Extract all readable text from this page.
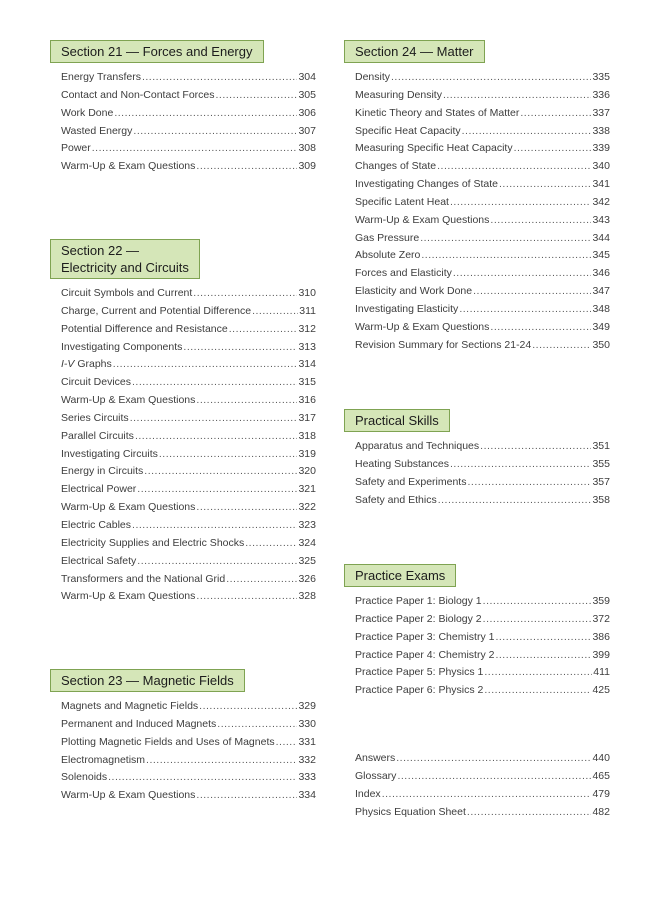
Section 21 — Forces and Energy
Energy Transfers .....	304
Contact and Non-Contact Forces .....	305
Work Done .....	306
Wasted Energy .....	307
Power .....	308
Warm-Up & Exam Questions .....	309
Section 22 —
Electricity and Circuits
Circuit Symbols and Current .....	310
Charge, Current and Potential Difference .....	311
Potential Difference and Resistance .....	312
Investigating Components .....	313
I-V Graphs .....	314
Circuit Devices .....	315
Warm-Up & Exam Questions .....	316
Series Circuits .....	317
Parallel Circuits .....	318
Investigating Circuits .....	319
Energy in Circuits .....	320
Electrical Power .....	321
Warm-Up & Exam Questions .....	322
Electric Cables .....	323
Electricity Supplies and Electric Shocks .....	324
Electrical Safety .....	325
Transformers and the National Grid .....	326
Warm-Up & Exam Questions .....	328
Section 23 — Magnetic Fields
Magnets and Magnetic Fields .....	329
Permanent and Induced Magnets .....	330
Plotting Magnetic Fields and Uses of Magnets ..... 331
Electromagnetism .....	332
Solenoids .....	333
Warm-Up & Exam Questions .....	334
Section 24 — Matter
Density .....	335
Measuring Density .....	336
Kinetic Theory and States of Matter .....	337
Specific Heat Capacity .....	338
Measuring Specific Heat Capacity .....	339
Changes of State .....	340
Investigating Changes of State .....	341
Specific Latent Heat .....	342
Warm-Up & Exam Questions .....	343
Gas Pressure .....	344
Absolute Zero .....	345
Forces and Elasticity .....	346
Elasticity and Work Done .....	347
Investigating Elasticity .....	348
Warm-Up & Exam Questions .....	349
Revision Summary for Sections 21-24 .....	350
Practical Skills
Apparatus and Techniques .....	351
Heating Substances .....	355
Safety and Experiments .....	357
Safety and Ethics .....	358
Practice Exams
Practice Paper 1: Biology 1 .....	359
Practice Paper 2: Biology 2 .....	372
Practice Paper 3: Chemistry 1 .....	386
Practice Paper 4: Chemistry 2 .....	399
Practice Paper 5: Physics 1 .....	411
Practice Paper 6: Physics 2 .....	425
Answers .....	440
Glossary .....	465
Index .....	479
Physics Equation Sheet .....	482
